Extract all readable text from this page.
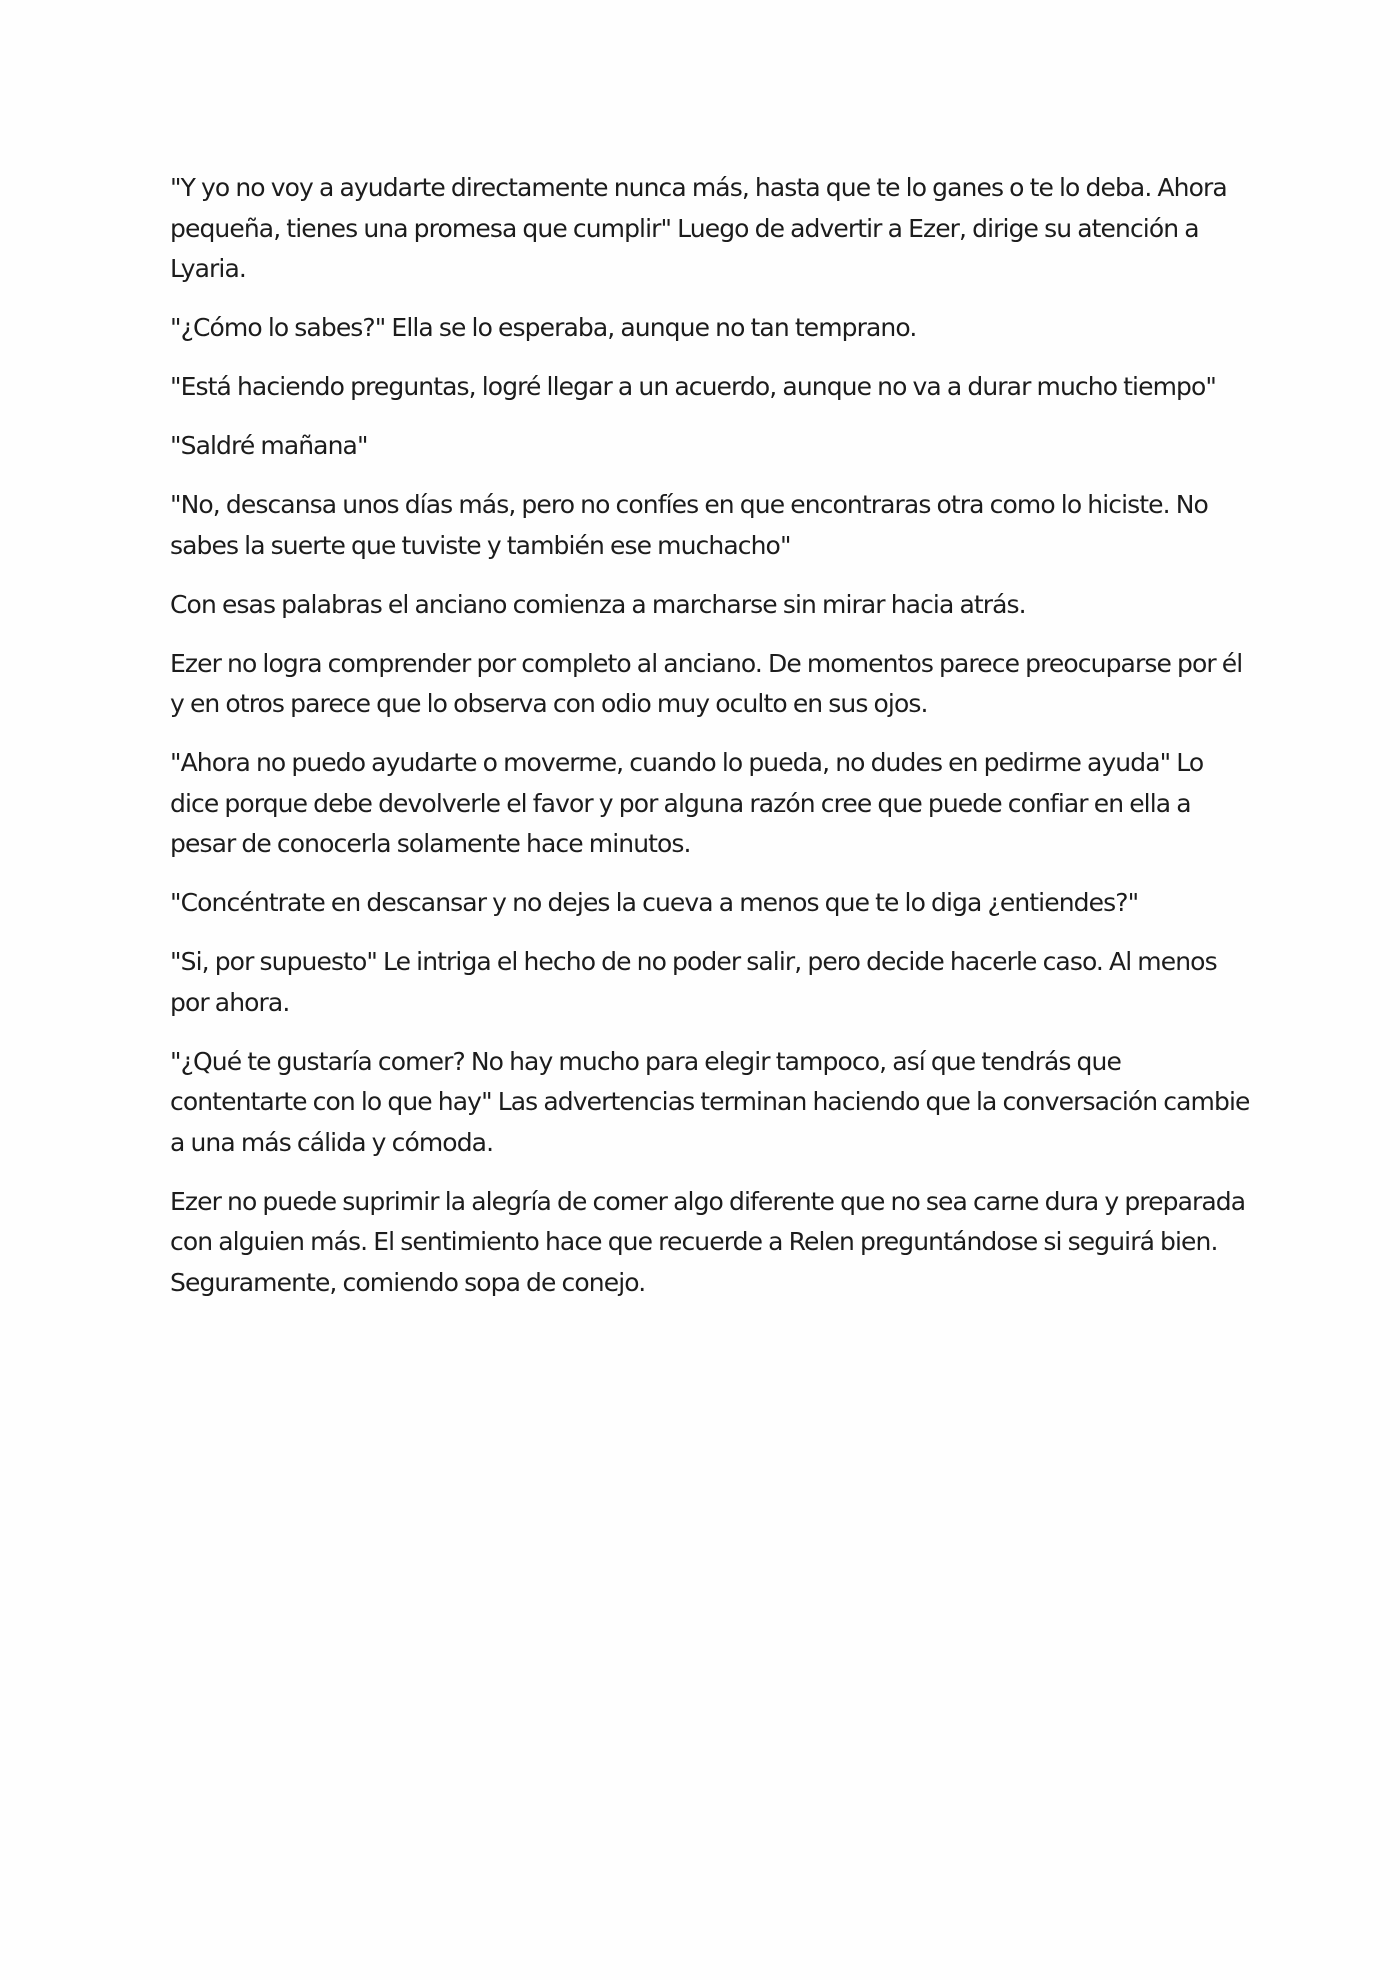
"Y yo no voy a ayudarte directamente nunca más, hasta que te lo ganes o te lo deba. Ahora pequeña, tienes una promesa que cumplir" Luego de advertir a Ezer, dirige su atención a Lyaria.

"¿Cómo lo sabes?" Ella se lo esperaba, aunque no tan temprano.

"Está haciendo preguntas, logré llegar a un acuerdo, aunque no va a durar mucho tiempo"

"Saldré mañana"

"No, descansa unos días más, pero no confíes en que encontraras otra como lo hiciste. No sabes la suerte que tuviste y también ese muchacho"

Con esas palabras el anciano comienza a marcharse sin mirar hacia atrás.

Ezer no logra comprender por completo al anciano. De momentos parece preocuparse por él y en otros parece que lo observa con odio muy oculto en sus ojos.

"Ahora no puedo ayudarte o moverme, cuando lo pueda, no dudes en pedirme ayuda" Lo dice porque debe devolverle el favor y por alguna razón cree que puede confiar en ella a pesar de conocerla solamente hace minutos.

"Concéntrate en descansar y no dejes la cueva a menos que te lo diga ¿entiendes?"

"Si, por supuesto" Le intriga el hecho de no poder salir, pero decide hacerle caso. Al menos por ahora.

"¿Qué te gustaría comer? No hay mucho para elegir tampoco, así que tendrás que contentarte con lo que hay" Las advertencias terminan haciendo que la conversación cambie a una más cálida y cómoda.

Ezer no puede suprimir la alegría de comer algo diferente que no sea carne dura y preparada con alguien más. El sentimiento hace que recuerde a Relen preguntándose si seguirá bien. Seguramente, comiendo sopa de conejo.
